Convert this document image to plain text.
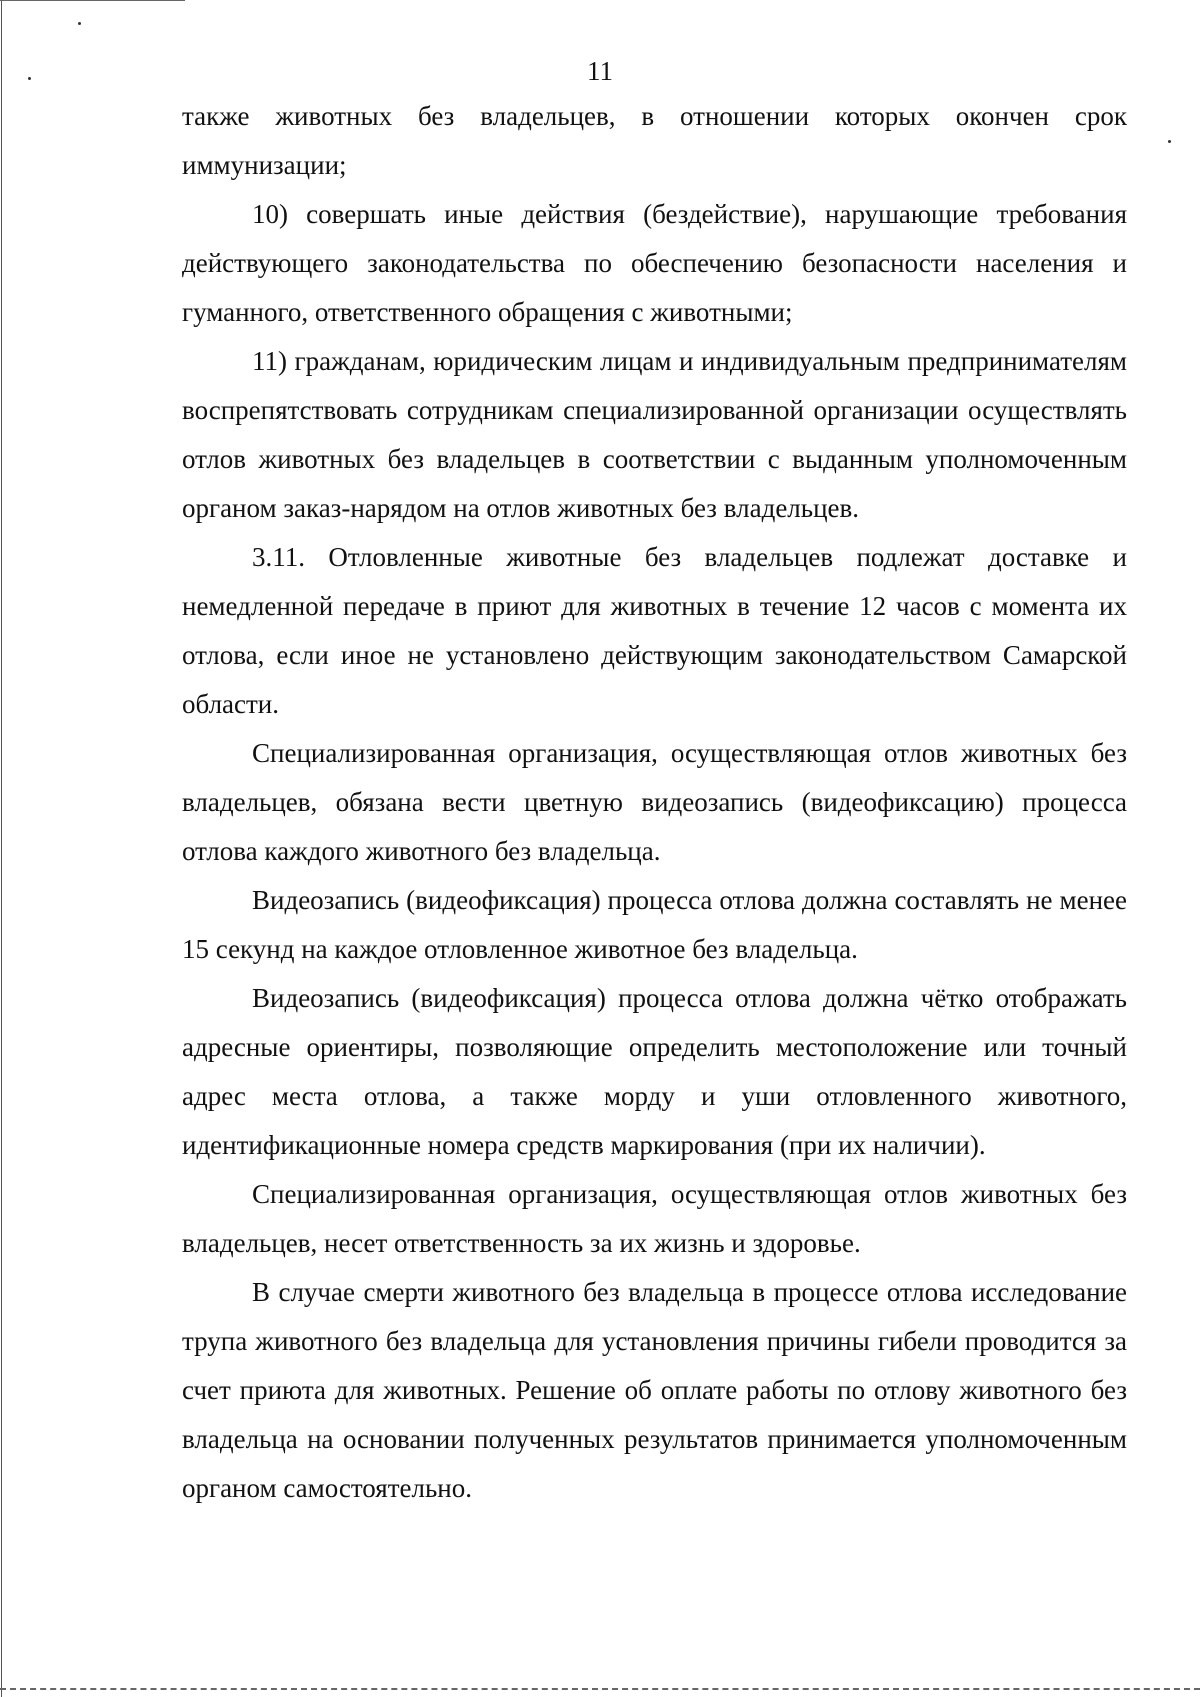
11

также животных без владельцев, в отношении которых окончен срок иммунизации;

10) совершать иные действия (бездействие), нарушающие требования действующего законодательства по обеспечению безопасности населения и гуманного, ответственного обращения с животными;

11) гражданам, юридическим лицам и индивидуальным предпринимателям воспрепятствовать сотрудникам специализированной организации осуществлять отлов животных без владельцев в соответствии с выданным уполномоченным органом заказ-нарядом на отлов животных без владельцев.

3.11. Отловленные животные без владельцев подлежат доставке и немедленной передаче в приют для животных в течение 12 часов с момента их отлова, если иное не установлено действующим законодательством Самарской области.

Специализированная организация, осуществляющая отлов животных без владельцев, обязана вести цветную видеозапись (видеофиксацию) процесса отлова каждого животного без владельца.

Видеозапись (видеофиксация) процесса отлова должна составлять не менее 15 секунд на каждое отловленное животное без владельца.

Видеозапись (видеофиксация) процесса отлова должна чётко отображать адресные ориентиры, позволяющие определить местоположение или точный адрес места отлова, а также морду и уши отловленного животного, идентификационные номера средств маркирования (при их наличии).

Специализированная организация, осуществляющая отлов животных без владельцев, несет ответственность за их жизнь и здоровье.

В случае смерти животного без владельца в процессе отлова исследование трупа животного без владельца для установления причины гибели проводится за счет приюта для животных. Решение об оплате работы по отлову животного без владельца на основании полученных результатов принимается уполномоченным органом самостоятельно.
